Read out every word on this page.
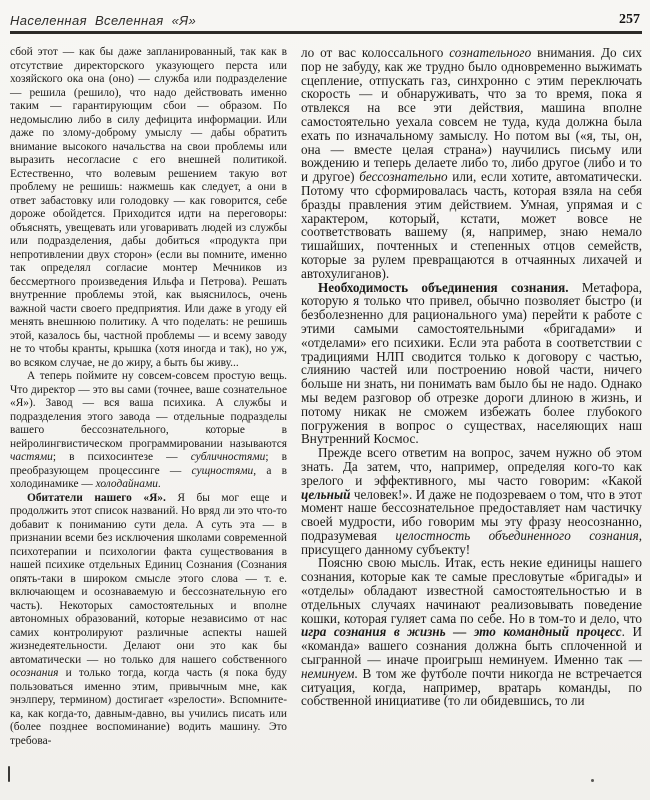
Населенная Вселенная «Я»	257

сбой этот — как бы даже запланированный, так как в отсутствие директорского указующего перста или хозяйского ока она (оно) — служба или подразделение — решила (решило), что надо действовать именно таким — гарантирующим сбои — образом. По недомыслию либо в силу дефицита информации. Или даже по злому-доброму умыслу — дабы обратить внимание высокого начальства на свои проблемы или выразить несогласие с его внешней политикой. Естественно, что волевым решением такую вот проблему не решишь: нажмешь как следует, а они в ответ забастовку или голодовку — как говорится, себе дороже обойдется. Приходится идти на переговоры: объяснять, увещевать или уговаривать людей из службы или подразделения, дабы добиться «продукта при непротивлении двух сторон» (если вы помните, именно так определял согласие монтер Мечников из бессмертного произведения Ильфа и Петрова). Решать внутренние проблемы этой, как выяснилось, очень важной части своего предприятия. Или даже в угоду ей менять внешнюю политику. А что поделать: не решишь этой, казалось бы, частной проблемы — и всему заводу не то чтобы кранты, крышка (хотя иногда и так), но уж, во всяком случае, не до жиру, а быть бы живу...

А теперь поймите ну совсем-совсем простую вещь. Что директор — это вы сами (точнее, ваше сознательное «Я»). Завод — вся ваша психика. А службы и подразделения этого завода — отдельные подразделы вашего бессознательного, которые в нейролингвистическом программировании называются частями; в психосинтезе — субличностями; в преобразующем процессинге — сущностями, а в холодинамике — холодайнами.

Обитатели нашего «Я». Я бы мог еще и продолжить этот список названий. Но вряд ли это что-то добавит к пониманию сути дела. А суть эта — в признании всеми без исключения школами современной психотерапии и психологии факта существования в нашей психике отдельных Единиц Сознания (Сознания опять-таки в широком смысле этого слова — т. е. включающем и осознаваемую и бессознательную его часть). Некоторых самостоятельных и вполне автономных образований, которые независимо от нас самих контролируют различные аспекты нашей жизнедеятельности. Делают они это как бы автоматически — но только для нашего собственного осознания и только тогда, когда часть (я пока буду пользоваться именно этим, привычным мне, как энэлперу, термином) достигает «зрелости». Вспомните-ка, как когда-то, давным-давно, вы учились писать или (более позднее воспоминание) водить машину. Это требова-

ло от вас колоссального сознательного внимания. До сих пор не забуду, как же трудно было одновременно выжимать сцепление, отпускать газ, синхронно с этим переключать скорость — и обнаруживать, что за то время, пока я отвлекся на все эти действия, машина вполне самостоятельно уехала совсем не туда, куда должна была ехать по изначальному замыслу. Но потом вы («я, ты, он, она — вместе целая страна») научились письму или вождению и теперь делаете либо то, либо другое (либо и то и другое) бессознательно или, если хотите, автоматически. Потому что сформировалась часть, которая взяла на себя бразды правления этим действием. Умная, упрямая и с характером, который, кстати, может вовсе не соответствовать вашему (я, например, знаю немало тишайших, почтенных и степенных отцов семейств, которые за рулем превращаются в отчаянных лихачей и автохулиганов).

Необходимость объединения сознания. Метафора, которую я только что привел, обычно позволяет быстро (и безболезненно для рационального ума) перейти к работе с этими самыми самостоятельными «бригадами» и «отделами» его психики. Если эта работа в соответствии с традициями НЛП сводится только к договору с частью, слиянию частей или построению новой части, ничего больше ни знать, ни понимать вам было бы не надо. Однако мы ведем разговор об отрезке дороги длиною в жизнь, и потому никак не сможем избежать более глубокого погружения в вопрос о существах, населяющих наш Внутренний Космос.

Прежде всего ответим на вопрос, зачем нужно об этом знать. Да затем, что, например, определяя кого-то как зрелого и эффективного, мы часто говорим: «Какой цельный человек!». И даже не подозреваем о том, что в этот момент наше бессознательное предоставляет нам частичку своей мудрости, ибо говорим мы эту фразу неосознанно, подразумевая целостность объединенного сознания, присущего данному субъекту!

Поясню свою мысль. Итак, есть некие единицы нашего сознания, которые как те самые пресловутые «бригады» и «отделы» обладают известной самостоятельностью и в отдельных случаях начинают реализовывать поведение кошки, которая гуляет сама по себе. Но в том-то и дело, что игра сознания в жизнь — это командный процесс. И «команда» вашего сознания должна быть сплоченной и сыгранной — иначе проигрыш неминуем. Именно так — неминуем. В том же футболе почти никогда не встречается ситуация, когда, например, вратарь команды, по собственной инициативе (то ли обидевшись, то ли
